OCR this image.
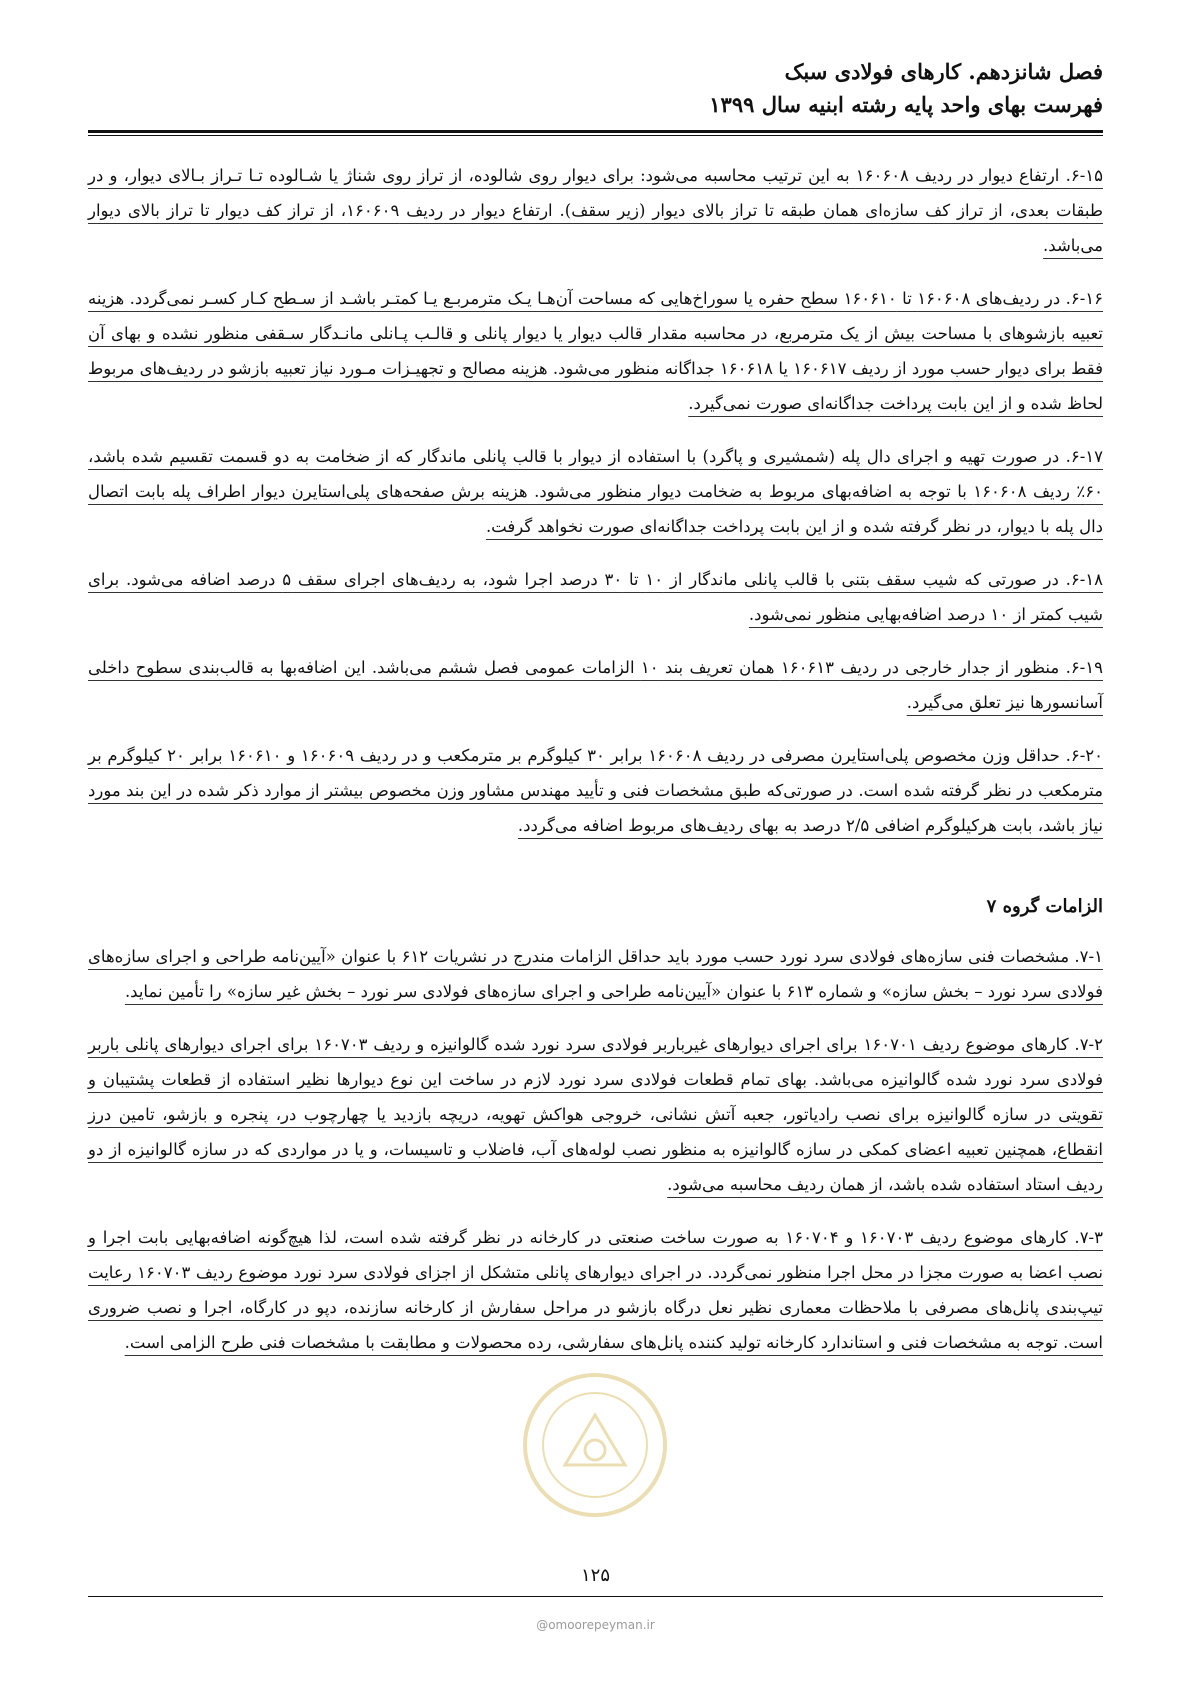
فصل شانزدهم. کارهای فولادی سبک
فهرست بهای واحد پایه رشته ابنیه سال ۱۳۹۹

۶-۱۵. ارتفاع دیوار در ردیف ۱۶۰۶۰۸ به این ترتیب محاسبه می‌شود: برای دیوار روی شالوده، از تراز روی شناژ یا شـالوده تـا تـراز بـالای دیوار، و در طبقات بعدی، از تراز کف سازه‌ای همان طبقه تا تراز بالای دیوار (زیر سقف). ارتفاع دیوار در ردیف ۱۶۰۶۰۹، از تراز کف دیوار تا تراز بالای دیوار می‌باشد.

۶-۱۶. در ردیف‌های ۱۶۰۶۰۸ تا ۱۶۰۶۱۰ سطح حفره یا سوراخ‌هایی که مساحت آن‌هـا یـک مترمربـع یـا کمتـر باشـد از سـطح کـار کسـر نمی‌گردد. هزینه تعبیه بازشوهای با مساحت بیش از یک مترمربع، در محاسبه مقدار قالب دیوار یا دیوار پانلی و قالـب پـانلی مانـدگار سـقفی منظور نشده و بهای آن فقط برای دیوار حسب مورد از ردیف ۱۶۰۶۱۷ یا ۱۶۰۶۱۸ جداگانه منظور می‌شود. هزینه مصالح و تجهیـزات مـورد نیاز تعبیه بازشو در ردیف‌های مربوط لحاظ شده و از این بابت پرداخت جداگانه‌ای صورت نمی‌گیرد.

۶-۱۷. در صورت تهیه و اجرای دال پله (شمشیری و پاگرد) با استفاده از دیوار با قالب پانلی ماندگار که از ضخامت به دو قسمت تقسیم شده باشد، ۶۰٪ ردیف ۱۶۰۶۰۸ با توجه به اضافه‌بهای مربوط به ضخامت دیوار منظور می‌شود. هزینه برش صفحه‌های پلی‌استایرن دیوار اطراف پله بابت اتصال دال پله با دیوار، در نظر گرفته شده و از این بابت پرداخت جداگانه‌ای صورت نخواهد گرفت.

۶-۱۸. در صورتی که شیب سقف بتنی با قالب پانلی ماندگار از ۱۰ تا ۳۰ درصد اجرا شود، به ردیف‌های اجرای سقف ۵ درصد اضافه می‌شود. برای شیب کمتر از ۱۰ درصد اضافه‌بهایی منظور نمی‌شود.

۶-۱۹. منظور از جدار خارجی در ردیف ۱۶۰۶۱۳ همان تعریف بند ۱۰ الزامات عمومی فصل ششم می‌باشد. این اضافه‌بها به قالب‌بندی سطوح داخلی آسانسورها نیز تعلق می‌گیرد.

۶-۲۰. حداقل وزن مخصوص پلی‌استایرن مصرفی در ردیف ۱۶۰۶۰۸ برابر ۳۰ کیلوگرم بر مترمکعب و در ردیف ۱۶۰۶۰۹ و ۱۶۰۶۱۰ برابر ۲۰ کیلوگرم بر مترمکعب در نظر گرفته شده است. در صورتی‌که طبق مشخصات فنی و تأیید مهندس مشاور وزن مخصوص بیشتر از موارد ذکر شده در این بند مورد نیاز باشد، بابت هرکیلوگرم اضافی ۲/۵ درصد به بهای ردیف‌های مربوط اضافه می‌گردد.

الزامات گروه ۷

۷-۱. مشخصات فنی سازه‌های فولادی سرد نورد حسب مورد باید حداقل الزامات مندرج در نشریات ۶۱۲ با عنوان «آیین‌نامه طراحی و اجرای سازه‌های فولادی سرد نورد – بخش سازه» و شماره ۶۱۳ با عنوان «آیین‌نامه طراحی و اجرای سازه‌های فولادی سر نورد – بخش غیر سازه» را تأمین نماید.

۷-۲. کارهای موضوع ردیف ۱۶۰۷۰۱ برای اجرای دیوارهای غیرباربر فولادی سرد نورد شده گالوانیزه و ردیف ۱۶۰۷۰۳ برای اجرای دیوارهای پانلی باربر فولادی سرد نورد شده گالوانیزه می‌باشد. بهای تمام قطعات فولادی سرد نورد لازم در ساخت این نوع دیوارها نظیر استفاده از قطعات پشتیبان و تقویتی در سازه گالوانیزه برای نصب رادیاتور، جعبه آتش نشانی، خروجی هواکش تهویه، دریچه بازدید یا چهارچوب در، پنجره و بازشو، تامین درز انقطاع، همچنین تعبیه اعضای کمکی در سازه گالوانیزه به منظور نصب لوله‌های آب، فاضلاب و تاسیسات، و یا در مواردی که در سازه گالوانیزه از دو ردیف استاد استفاده شده باشد، از همان ردیف محاسبه می‌شود.

۷-۳. کارهای موضوع ردیف ۱۶۰۷۰۳ و ۱۶۰۷۰۴ به صورت ساخت صنعتی در کارخانه در نظر گرفته شده است، لذا هیچ‌گونه اضافه‌بهایی بابت اجرا و نصب اعضا به صورت مجزا در محل اجرا منظور نمی‌گردد. در اجرای دیوارهای پانلی متشکل از اجزای فولادی سرد نورد موضوع ردیف ۱۶۰۷۰۳ رعایت تیپ‌بندی پانل‌های مصرفی با ملاحظات معماری نظیر نعل درگاه بازشو در مراحل سفارش از کارخانه سازنده، دپو در کارگاه، اجرا و نصب ضروری است. توجه به مشخصات فنی و استاندارد کارخانه تولید کننده پانل‌های سفارشی، رده محصولات و مطابقت با مشخصات فنی طرح الزامی است.

۱۲۵
@omoorepeyman.ir
